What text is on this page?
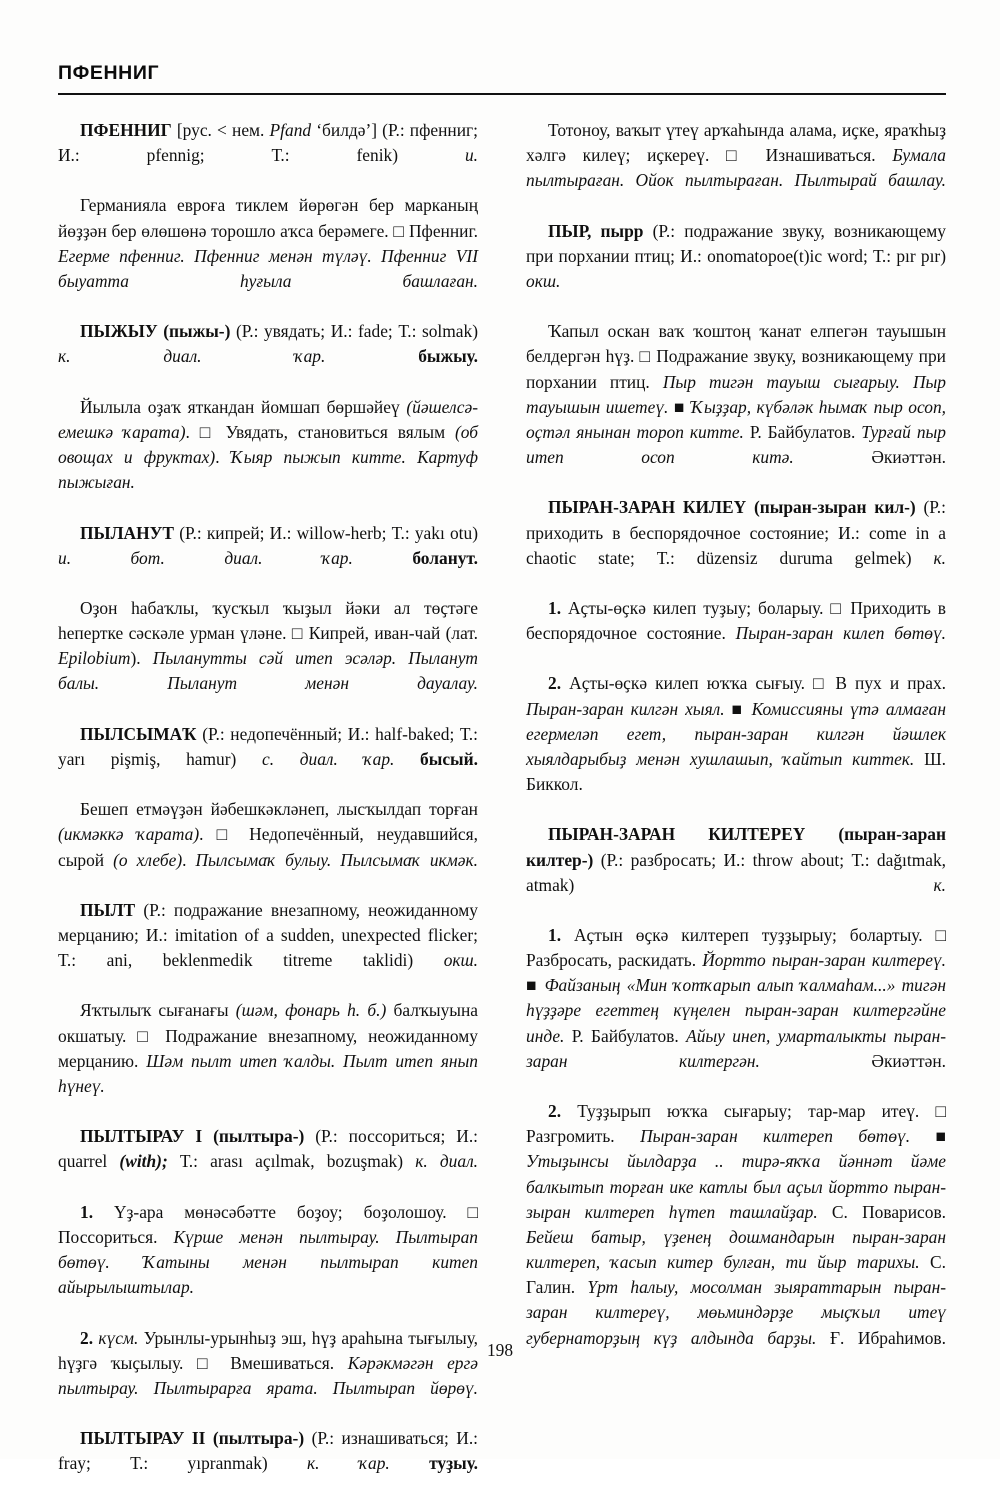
ПФЕННИГ

ПФЕННИГ [рус. < нем. Pfand ‘билдә’] (Р.: пфенниг; И.: pfennig; Т.: fenik) и.

Германияла евроға тиклем йөрөгән бер марканың йөҙҙән бер өлөшөнә торошло аҡса берәмеге. □ Пфенниг. Егерме пфенниг. Пфенниг менән түләү. Пфенниг VII быуатта һуғыла башлаған.

ПЫЖЫУ (пыжы-) (Р.: увядать; И.: fade; Т.: solmak) к. диал. ҡар. быжыу.

Йылыла оҙаҡ яткандан йомшап бөршәйеү (йәшелсә-емешкә ҡарата). □ Увядать, становиться вялым (об овощах и фруктах). Ҡыяр пыжып китте. Картуф пыжыған.

ПЫЛАНУТ (Р.: кипрей; И.: willow-herb; Т.: yakı otu) и. бот. диал. ҡар. боланут.

Оҙон һабаҡлы, ҡусҡыл ҡыҙыл йәки ал төҫтәге һепертке сәскәле урман үләне. □ Кипрей, иван-чай (лат. Epilobium). Пыланутты сәй итеп эсәләр. Пыланут балы. Пыланут менән дауалау.

ПЫЛСЫМАҠ (Р.: недопечённый; И.: half-baked; Т.: yarı pişmiş, hamur) с. диал. ҡар. бысый.

Бешеп етмәүҙән йәбешкәкләнеп, лысҡылдап торған (икмәккә ҡарата). □ Недопечённый, неудавшийся, сырой (о хлебе). Пылсымаҡ булыу. Пылсымаҡ икмәк.

ПЫЛТ (Р.: подражание внезапному, неожиданному мерцанию; И.: imitation of a sudden, unexpected flicker; Т.: ani, beklenmedik titreme taklidi) окш.

Яҡтылыҡ сығанағы (шәм, фонарь һ. б.) балҡыуына окшатыу. □ Подражание внезапному, неожиданному мерцанию. Шәм пылт итеп ҡалды. Пылт итеп янып һүнеү.

ПЫЛТЫРАУ I (пылтыра-) (Р.: поссориться; И.: quarrel (with); Т.: arası açılmak, bozuşmak) к. диал.

1. Үҙ-ара мөнәсәбәтте боҙоу; боҙолошоу. □ Поссориться. Күрше менән пылтырау. Пылтырап бөтөү. Ҡатыны менән пылтырап китеп айырылыштылар.

2. күсм. Урынлы-урынһыҙ эш, һүҙ араһына тығылыу, һүҙгә ҡыҫылыу. □ Вмешиваться. Кәрәкмәгән ергә пылтырау. Пылтырарға ярата. Пылтырап йөрөү.

ПЫЛТЫРАУ II (пылтыра-) (Р.: изнашиваться; И.: fray; Т.: yıpranmak) к. ҡар. туҙыу.

Тотоноу, ваҡыт үтеү арҡаһында алама, иҫке, яраҡһыҙ хәлгә килеү; иҫкереү. □ Изнашиваться. Бумала пылтыраған. Ойок пылтыраған. Пылтырай башлау.

ПЫР, пырр (Р.: подражание звуку, возникающему при порхании птиц; И.: onomatopoe(t)ic word; Т.: pır pır) окш.

Ҡапыл оскан ваҡ ҡоштоң ҡанат елпегән тауышын белдергән һүҙ. □ Подражание звуку, возникающему при порхании птиц. Пыр тигән тауыш сығарыу. Пыр тауышын ишетеү. ■ Ҡыҙҙар, күбәләк һымаҡ пыр осоп, оҫтәл янынан тороп китте. Р. Байбулатов. Турғай пыр итеп осоп китә. Әкиәттән.

ПЫРАН-ЗАРАН КИЛЕҮ (пыран-зыран кил-) (Р.: приходить в беспорядочное состояние; И.: come in a chaotic state; Т.: düzensiz duruma gelmek) к.

1. Аҫты-өҫкә килеп туҙыу; боларыу. □ Приходить в беспорядочное состояние. Пыран-заран килеп бөтөү.

2. Аҫты-өҫкә килеп юҡҡа сығыу. □ В пух и прах. Пыран-заран килгән хыял. ■ Комиссияны үтә алмаған егермеләп егет, пыран-заран килгән йәшлек хыялдарыбыҙ менән хушлашып, ҡайтып киттек. Ш. Биккол.

ПЫРАН-ЗАРАН КИЛТЕРЕҮ (пыран-заран килтер-) (Р.: разбросать; И.: throw about; Т.: dağıtmak, atmak) к.

1. Аҫтын өҫкә килтереп туҙҙырыу; болартыу. □ Разбросать, раскидать. Йортто пыран-заран килтереү. ■ Файзаның «Мин ҡотҡарып алып ҡалмаһам...» тигән һүҙҙәре егеттең күңелен пыран-заран килтергәйне инде. Р. Байбулатов. Айыу инеп, умарталыкты пыран-заран килтергән. Әкиәттән.

2. Туҙҙырып юҡҡа сығарыу; тар-мар итеү. □ Разгромить. Пыран-заран килтереп бөтөү. ■ Утыҙынсы йылдарҙа .. тирә-яҡҡа йәннәт йәме балкытып торған ике катлы был аҫыл йортто пыран-зыран килтереп һүтеп ташлайҙар. С. Поварисов. Бейеш батыр, үҙенең дошмандарын пыран-заран килтереп, ҡасып китер булған, ти йыр тарихы. С. Галин. Үрт һалыу, мосолман зыяраттарын пыран-заран килтереү, мөьминдәрҙе мыҫҡыл итеү губернаторҙың күҙ алдында барҙы. Ғ. Ибраһимов.

198
